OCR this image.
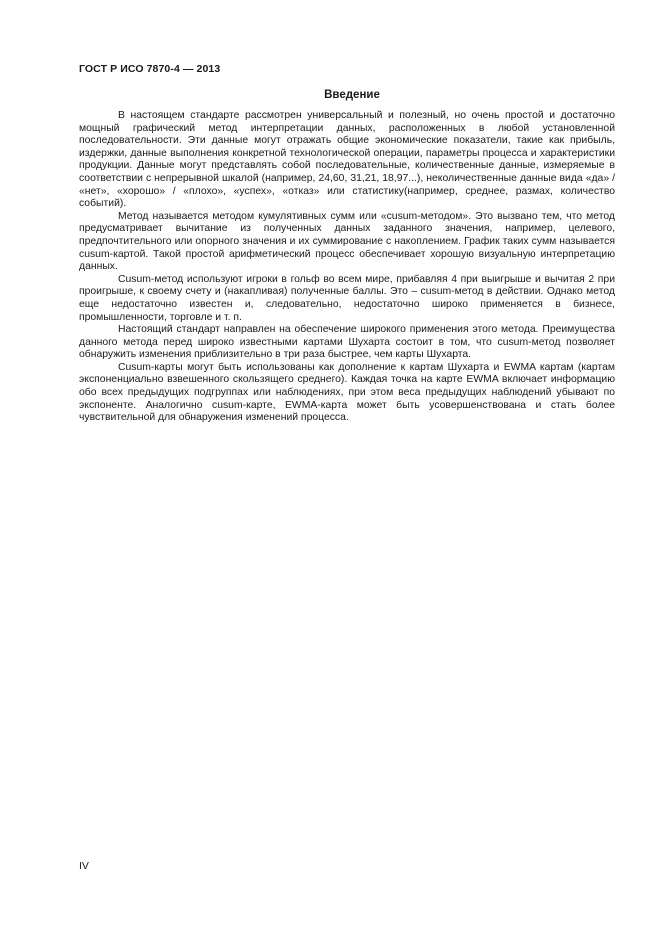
ГОСТ Р ИСО 7870-4 — 2013
Введение

В настоящем стандарте рассмотрен универсальный и полезный, но очень простой и достаточно мощный графический метод интерпретации данных, расположенных в любой установленной последовательности. Эти данные могут отражать общие экономические показатели, такие как прибыль, издержки, данные выполнения конкретной технологической операции, параметры процесса и характеристики продукции. Данные могут представлять собой последовательные, количественные данные, измеряемые в соответствии с непрерывной шкалой (например, 24,60, 31,21, 18,97...), неколичественные данные вида «да» / «нет», «хорошо» / «плохо», «успех», «отказ» или статистику(например, среднее, размах, количество событий).

Метод называется методом кумулятивных сумм или «cusum-методом». Это вызвано тем, что метод предусматривает вычитание из полученных данных заданного значения, например, целевого, предпочтительного или опорного значения и их суммирование с накоплением. График таких сумм называется cusum-картой. Такой простой арифметический процесс обеспечивает хорошую визуальную интерпретацию данных.

Cusum-метод используют игроки в гольф во всем мире, прибавляя 4 при выигрыше и вычитая 2 при проигрыше, к своему счету и (накапливая) полученные баллы. Это – cusum-метод в действии. Однако метод еще недостаточно известен и, следовательно, недостаточно широко применяется в бизнесе, промышленности, торговле и т. п.

Настоящий стандарт направлен на обеспечение широкого применения этого метода. Преимущества данного метода перед широко известными картами Шухарта состоит в том, что cusum-метод позволяет обнаружить изменения приблизительно в три раза быстрее, чем карты Шухарта.

Cusum-карты могут быть использованы как дополнение к картам Шухарта и EWMA картам (картам экспоненциально взвешенного скользящего среднего). Каждая точка на карте EWMA включает информацию обо всех предыдущих подгруппах или наблюдениях, при этом веса предыдущих наблюдений убывают по экспоненте. Аналогично cusum-карте, EWMA-карта может быть усовершенствована и стать более чувствительной для обнаружения изменений процесса.

IV
